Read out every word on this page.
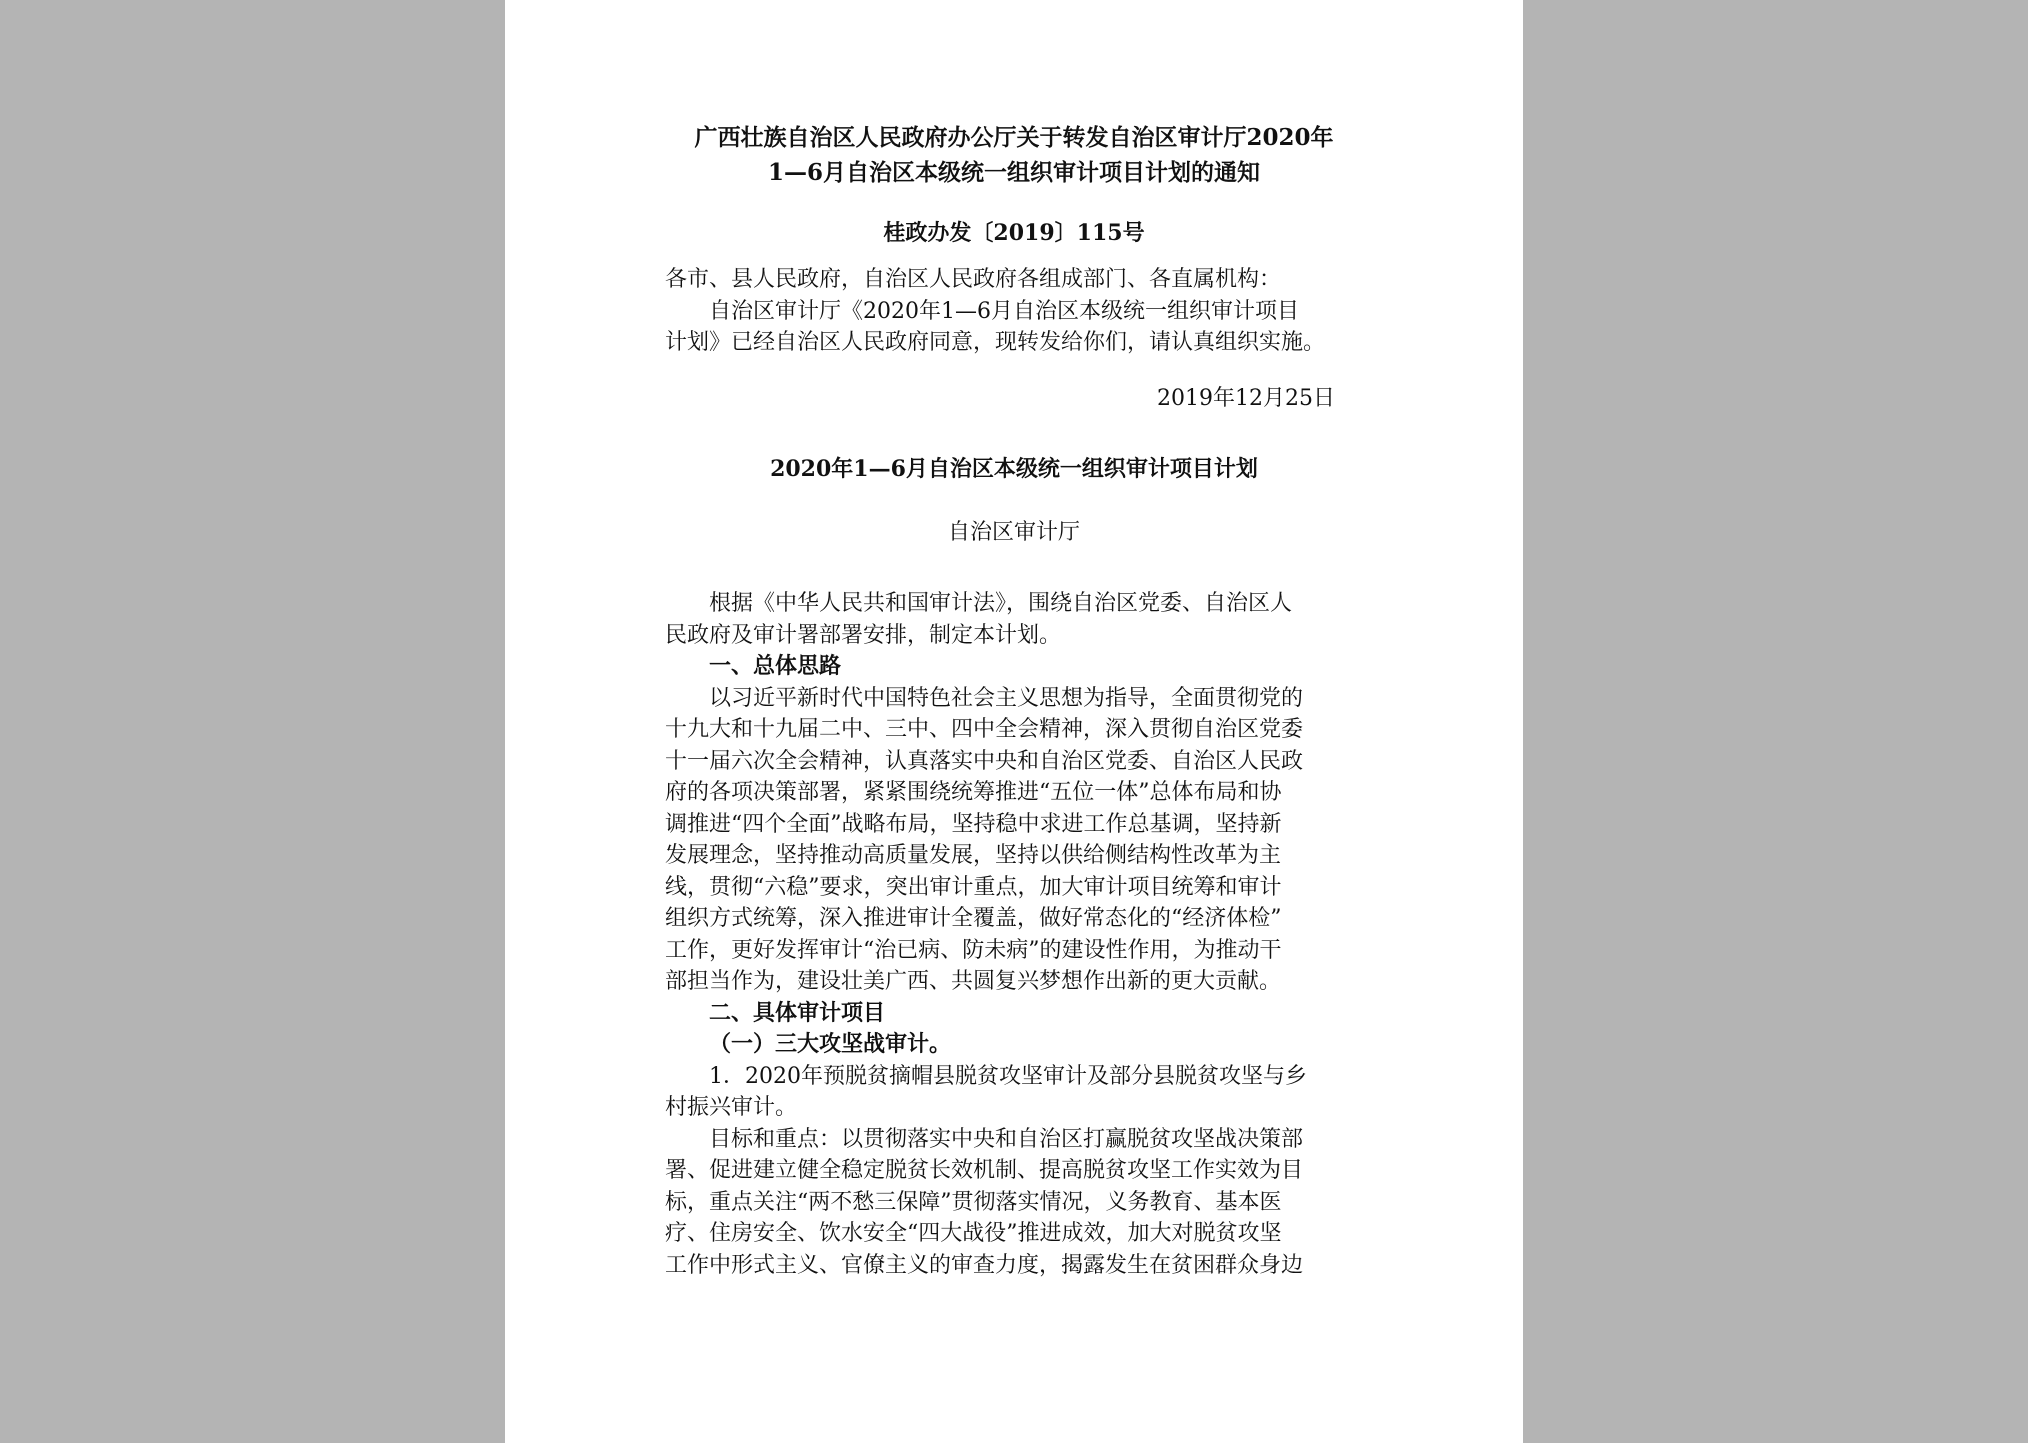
广西壮族自治区人民政府办公厅关于转发自治区审计厅2020年

1—6月自治区本级统一组织审计项目计划的通知

桂政办发〔2019〕115号

各市、县人民政府，自治区人民政府各组成部门、各直属机构：

自治区审计厅《2020年1—6月自治区本级统一组织审计项目

计划》已经自治区人民政府同意，现转发给你们，请认真组织实施。

2019年12月25日

2020年1—6月自治区本级统一组织审计项目计划

自治区审计厅

根据《中华人民共和国审计法》，围绕自治区党委、自治区人

民政府及审计署部署安排，制定本计划。

一、总体思路

以习近平新时代中国特色社会主义思想为指导，全面贯彻党的

十九大和十九届二中、三中、四中全会精神，深入贯彻自治区党委

十一届六次全会精神，认真落实中央和自治区党委、自治区人民政

府的各项决策部署，紧紧围绕统筹推进“五位一体”总体布局和协

调推进“四个全面”战略布局，坚持稳中求进工作总基调，坚持新

发展理念，坚持推动高质量发展，坚持以供给侧结构性改革为主

线，贯彻“六稳”要求，突出审计重点，加大审计项目统筹和审计

组织方式统筹，深入推进审计全覆盖，做好常态化的“经济体检”

工作，更好发挥审计“治已病、防未病”的建设性作用，为推动干

部担当作为，建设壮美广西、共圆复兴梦想作出新的更大贡献。

二、具体审计项目

（一）三大攻坚战审计。

1．2020年预脱贫摘帽县脱贫攻坚审计及部分县脱贫攻坚与乡

村振兴审计。

目标和重点：以贯彻落实中央和自治区打赢脱贫攻坚战决策部

署、促进建立健全稳定脱贫长效机制、提高脱贫攻坚工作实效为目

标，重点关注“两不愁三保障”贯彻落实情况，义务教育、基本医

疗、住房安全、饮水安全“四大战役”推进成效，加大对脱贫攻坚

工作中形式主义、官僚主义的审查力度，揭露发生在贫困群众身边
